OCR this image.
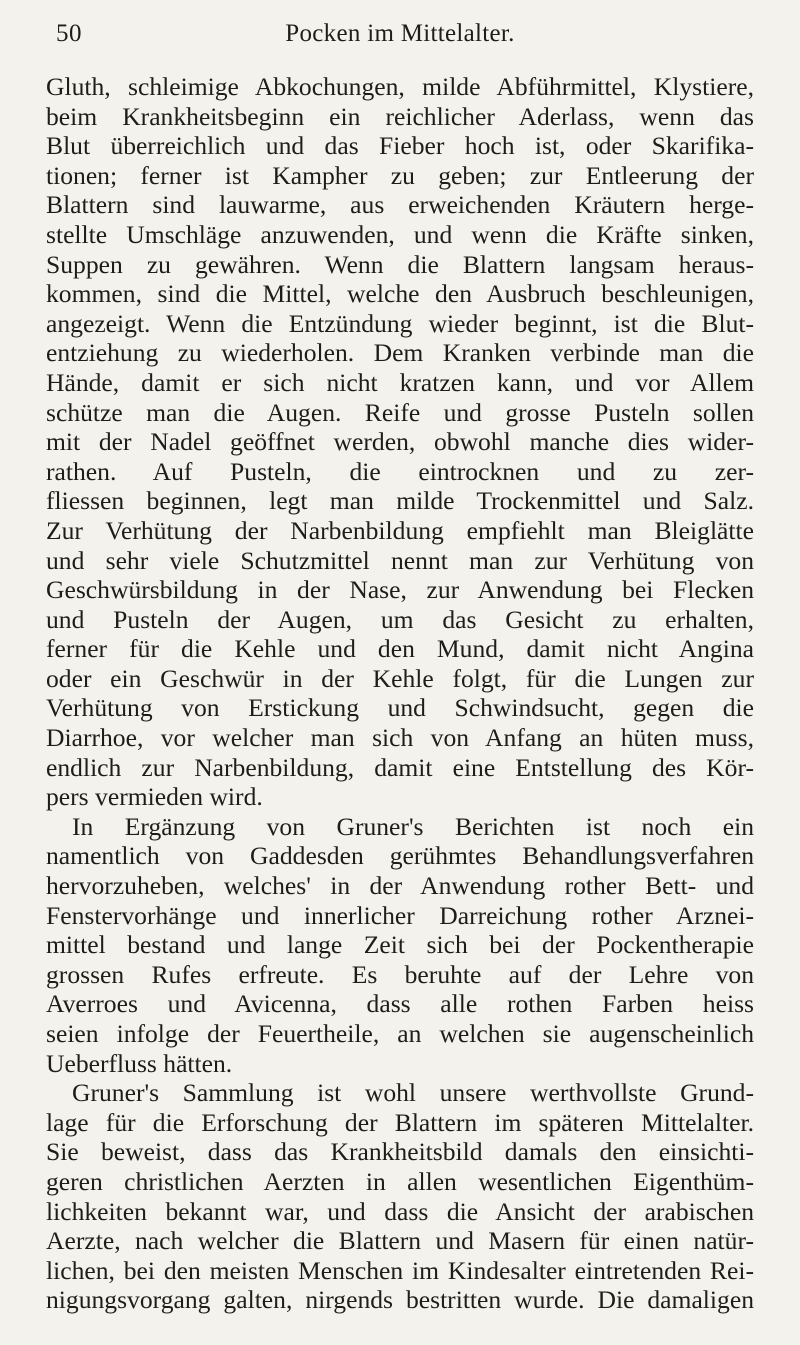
50	Pocken im Mittelalter.
Gluth, schleimige Abkochungen, milde Abführmittel, Klystiere,
beim Krankheitsbeginn ein reichlicher Aderlass, wenn das
Blut überreichlich und das Fieber hoch ist, oder Skarifika-
tionen; ferner ist Kampher zu geben; zur Entleerung der
Blattern sind lauwarme, aus erweichenden Kräutern herge-
stellte Umschläge anzuwenden, und wenn die Kräfte sinken,
Suppen zu gewähren. Wenn die Blattern langsam heraus-
kommen, sind die Mittel, welche den Ausbruch beschleunigen,
angezeigt. Wenn die Entzündung wieder beginnt, ist die Blut-
entziehung zu wiederholen. Dem Kranken verbinde man die
Hände, damit er sich nicht kratzen kann, und vor Allem
schütze man die Augen. Reife und grosse Pusteln sollen
mit der Nadel geöffnet werden, obwohl manche dies wider-
rathen. Auf Pusteln, die eintrocknen und zu zer-
fliessen beginnen, legt man milde Trockenmittel und Salz.
Zur Verhütung der Narbenbildung empfiehlt man Bleiglätte
und sehr viele Schutzmittel nennt man zur Verhütung von
Geschwürsbildung in der Nase, zur Anwendung bei Flecken
und Pusteln der Augen, um das Gesicht zu erhalten,
ferner für die Kehle und den Mund, damit nicht Angina
oder ein Geschwür in der Kehle folgt, für die Lungen zur
Verhütung von Erstickung und Schwindsucht, gegen die
Diarrhoe, vor welcher man sich von Anfang an hüten muss,
endlich zur Narbenbildung, damit eine Entstellung des Kör-
pers vermieden wird.
In Ergänzung von Gruner's Berichten ist noch ein
namentlich von Gaddesden gerühmtes Behandlungsverfahren
hervorzuheben, welches' in der Anwendung rother Bett- und
Fenstervorhänge und innerlicher Darreichung rother Arznei-
mittel bestand und lange Zeit sich bei der Pockentherapie
grossen Rufes erfreute. Es beruhte auf der Lehre von
Averroes und Avicenna, dass alle rothen Farben heiss
seien infolge der Feuertheile, an welchen sie augenscheinlich
Ueberfluss hätten.
Gruner's Sammlung ist wohl unsere werthvollste Grund-
lage für die Erforschung der Blattern im späteren Mittelalter.
Sie beweist, dass das Krankheitsbild damals den einsichti-
geren christlichen Aerzten in allen wesentlichen Eigenthüm-
lichkeiten bekannt war, und dass die Ansicht der arabischen
Aerzte, nach welcher die Blattern und Masern für einen natür-
lichen, bei den meisten Menschen im Kindesalter eintretenden Rei-
nigungsvorgang galten, nirgends bestritten wurde. Die damaligen
